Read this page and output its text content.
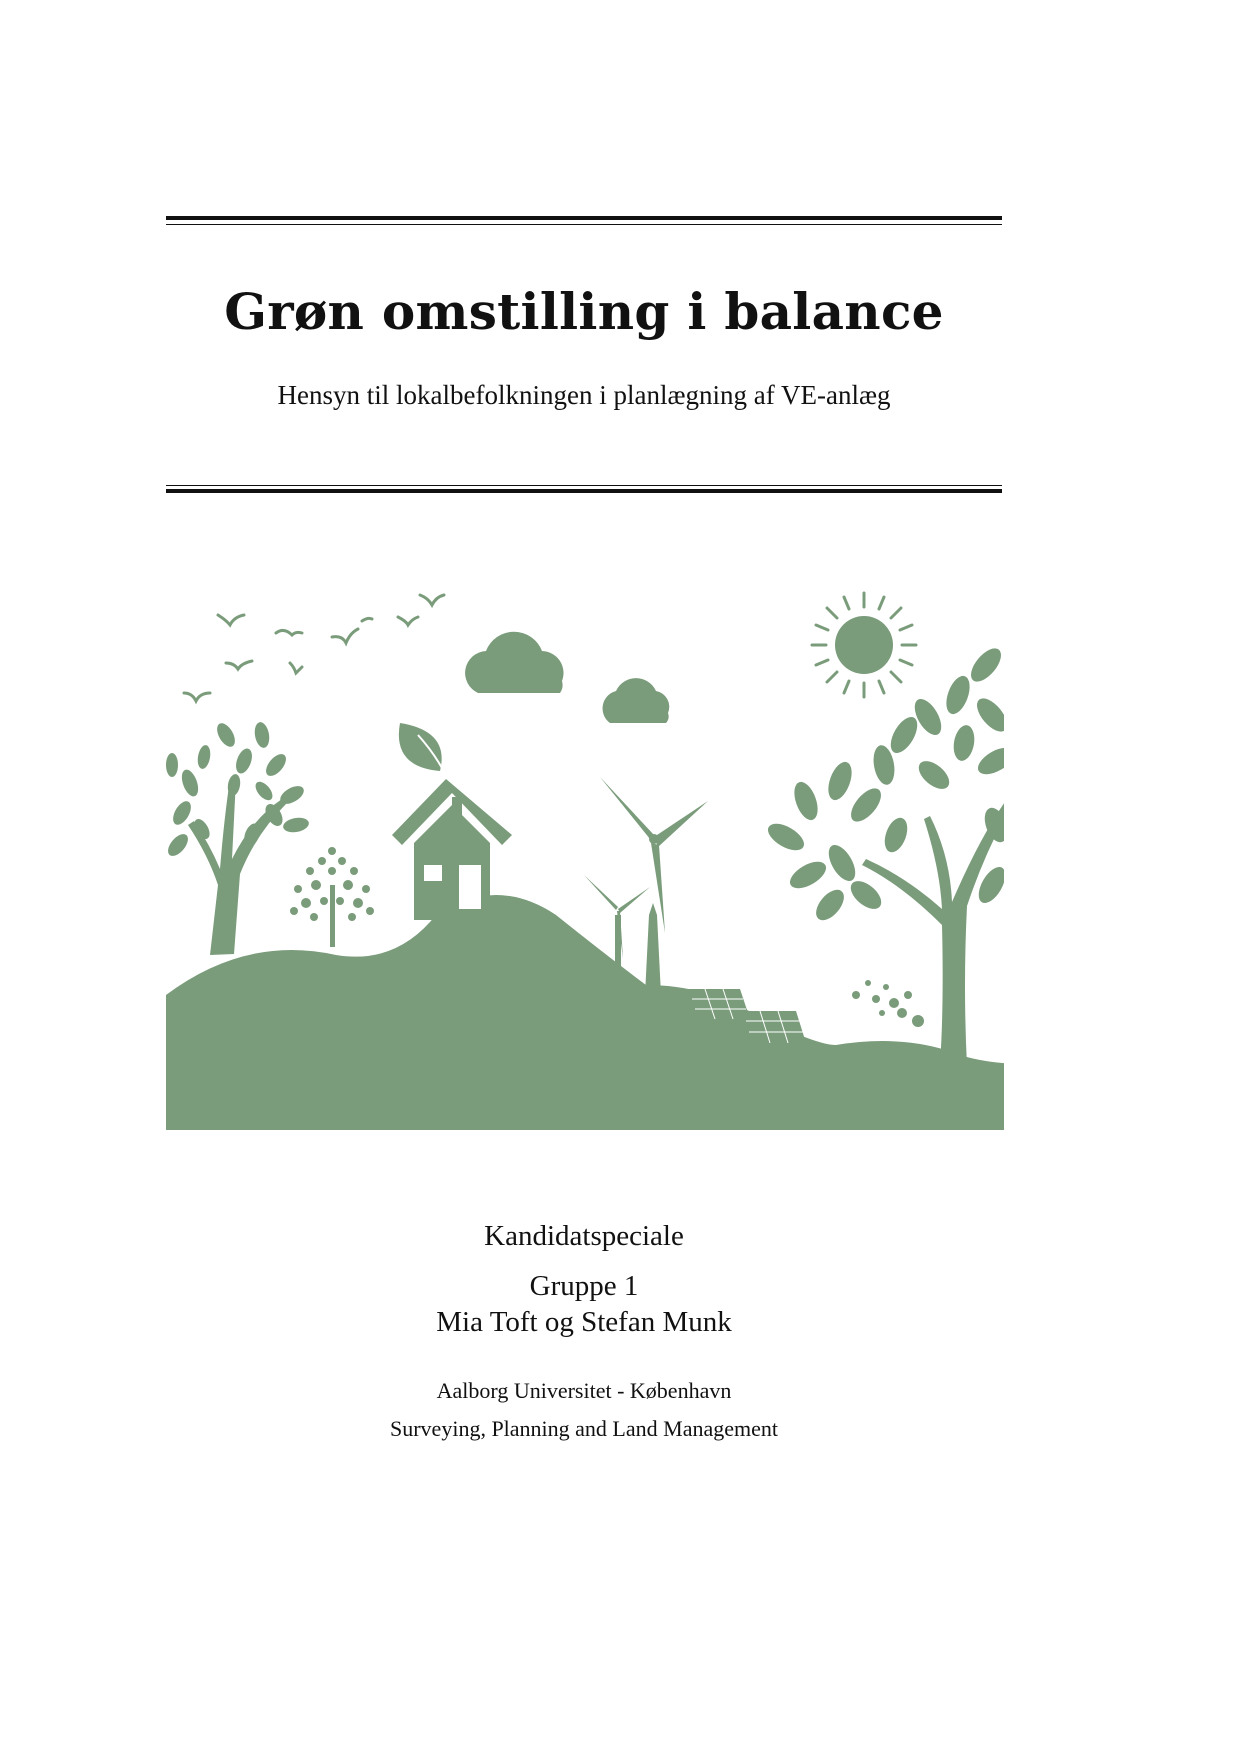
Grøn omstilling i balance
Hensyn til lokalbefolkningen i planlægning af VE-anlæg
Kandidatspeciale
Gruppe 1
Mia Toft og Stefan Munk
Aalborg Universitet - København
Surveying, Planning and Land Management
